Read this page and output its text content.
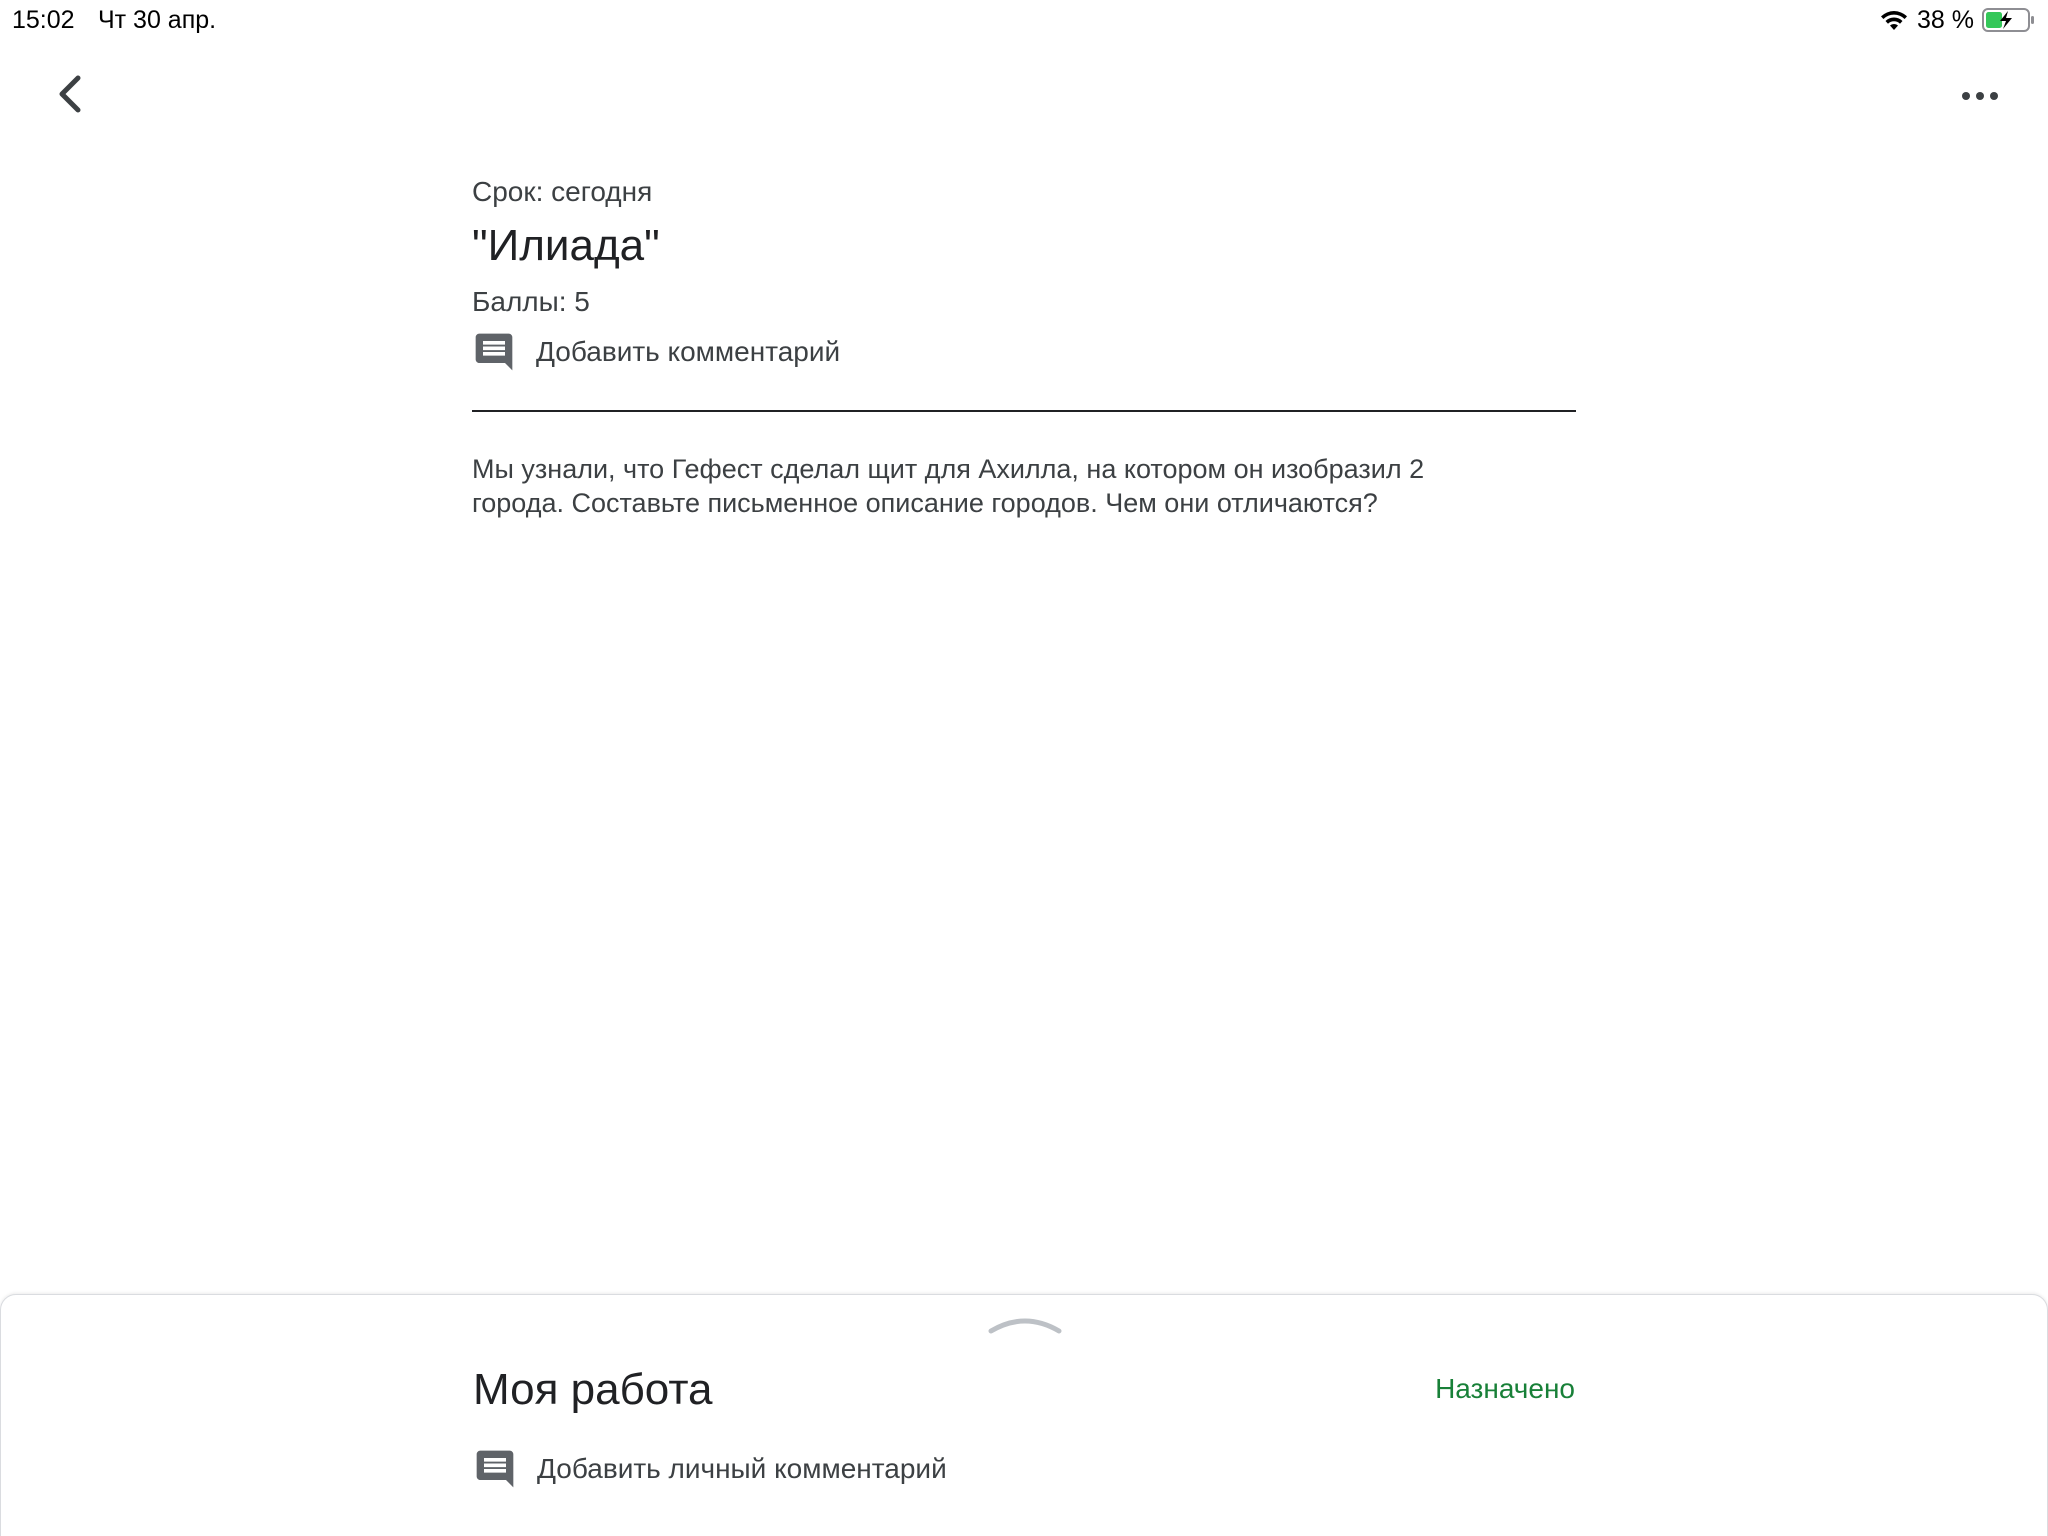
15:02 Чт 30 апр.	38 %
Срок: сегодня
"Илиада"
Баллы: 5
Добавить комментарий
Мы узнали, что Гефест сделал щит для Ахилла, на котором он изобразил 2
города. Составьте письменное описание городов. Чем они отличаются?
Моя работа	Назначено
Добавить личный комментарий
